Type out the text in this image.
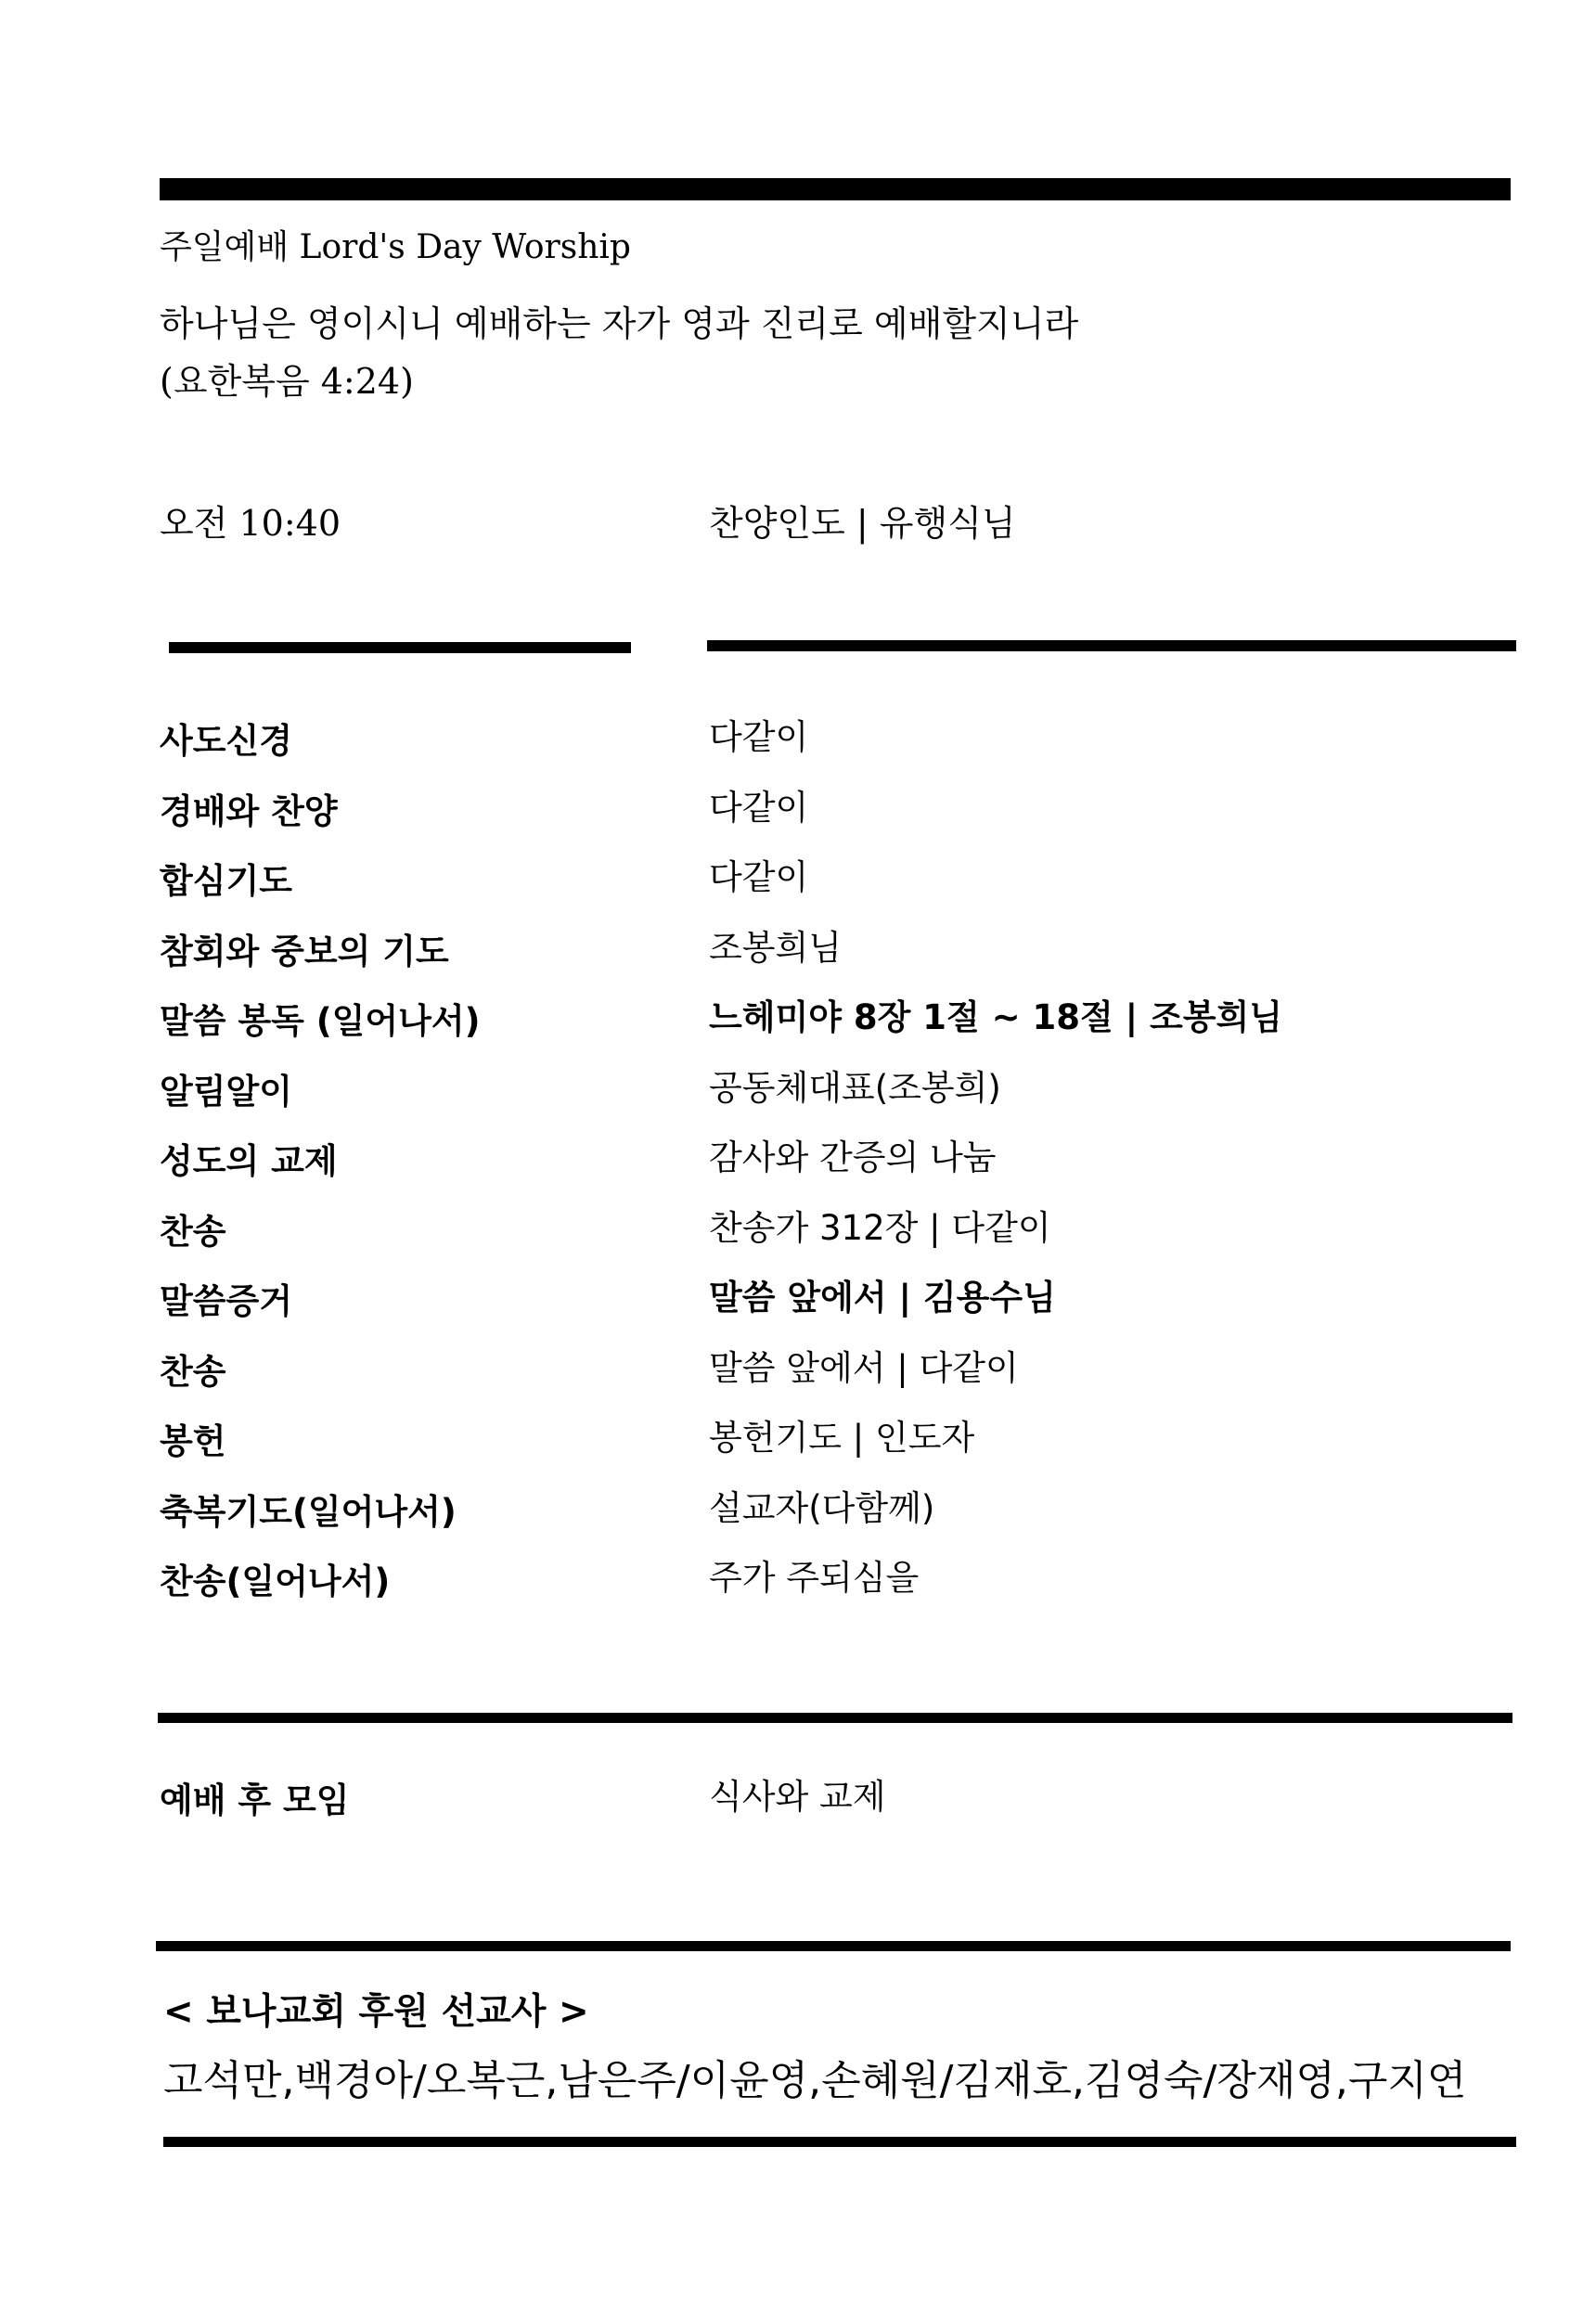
주일예배 Lord's Day Worship
하나님은 영이시니 예배하는 자가 영과 진리로 예배할지니라
(요한복음 4:24)
오전 10:40	찬양인도 | 유행식님
사도신경	다같이
경배와 찬양	다같이
합심기도	다같이
참회와 중보의 기도	조봉희님
말씀 봉독 (일어나서)	느헤미야 8장 1절 ~ 18절 | 조봉희님
알림알이	공동체대표(조봉희)
성도의 교제	감사와 간증의 나눔
찬송	찬송가 312장 | 다같이
말씀증거	말씀 앞에서 | 김용수님
찬송	말씀 앞에서 | 다같이
봉헌	봉헌기도 | 인도자
축복기도(일어나서)	설교자(다함께)
찬송(일어나서)	주가 주되심을
예배 후 모임	식사와 교제
< 보나교회 후원 선교사 >
고석만,백경아/오복근,남은주/이윤영,손혜원/김재호,김영숙/장재영,구지연
